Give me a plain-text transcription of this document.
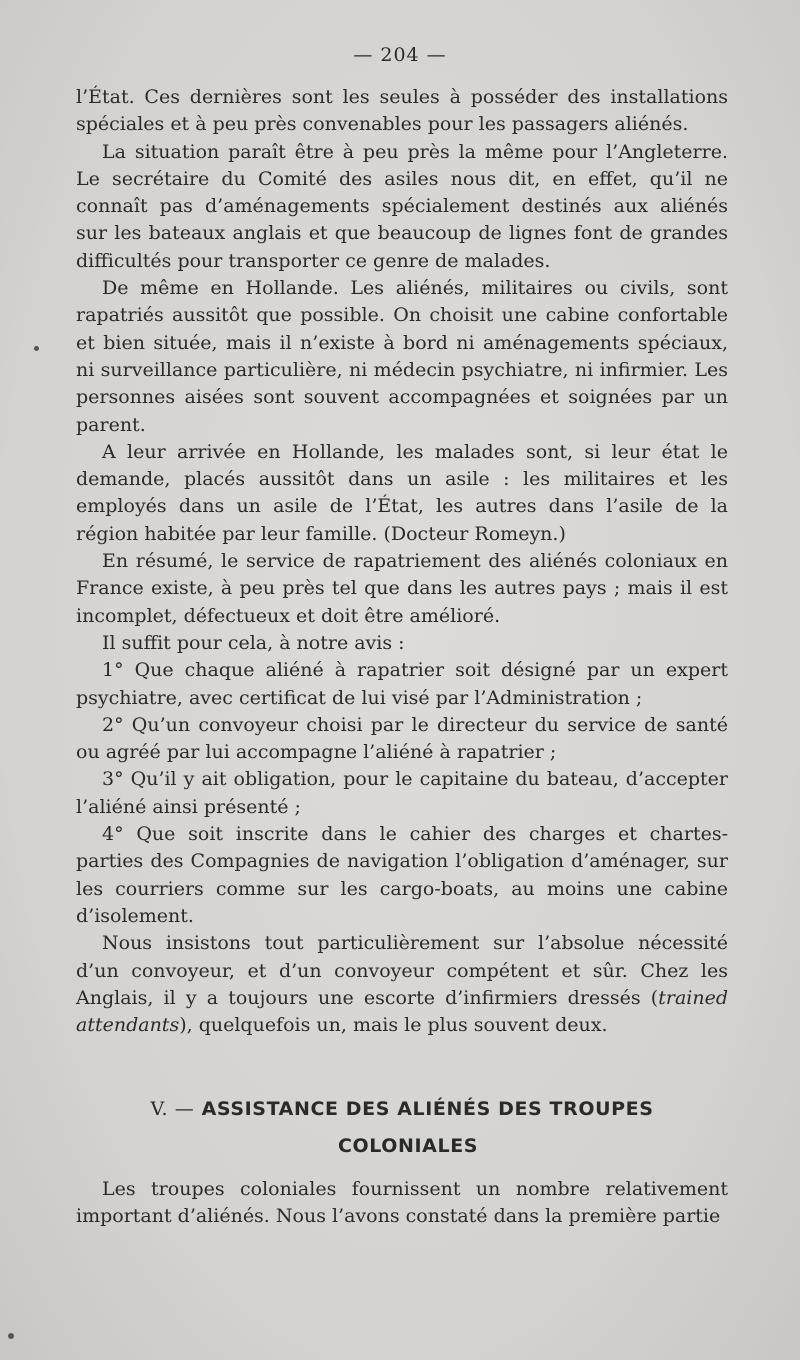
— 204 —

l’État. Ces dernières sont les seules à posséder des installations spéciales et à peu près convenables pour les passagers aliénés.

La situation paraît être à peu près la même pour l’Angleterre. Le secrétaire du Comité des asiles nous dit, en effet, qu’il ne connaît pas d’aménagements spécialement destinés aux aliénés sur les bateaux anglais et que beaucoup de lignes font de grandes difficultés pour transporter ce genre de malades.

De même en Hollande. Les aliénés, militaires ou civils, sont rapatriés aussitôt que possible. On choisit une cabine confortable et bien située, mais il n’existe à bord ni aménagements spéciaux, ni surveillance particulière, ni médecin psychiatre, ni infirmier. Les personnes aisées sont souvent accompagnées et soignées par un parent.

A leur arrivée en Hollande, les malades sont, si leur état le demande, placés aussitôt dans un asile : les militaires et les employés dans un asile de l’État, les autres dans l’asile de la région habitée par leur famille. (Docteur Romeyn.)

En résumé, le service de rapatriement des aliénés coloniaux en France existe, à peu près tel que dans les autres pays ; mais il est incomplet, défectueux et doit être amélioré.

Il suffit pour cela, à notre avis :

1° Que chaque aliéné à rapatrier soit désigné par un expert psychiatre, avec certificat de lui visé par l’Administration ;

2° Qu’un convoyeur choisi par le directeur du service de santé ou agréé par lui accompagne l’aliéné à rapatrier ;

3° Qu’il y ait obligation, pour le capitaine du bateau, d’accepter l’aliéné ainsi présenté ;

4° Que soit inscrite dans le cahier des charges et chartes-parties des Compagnies de navigation l’obligation d’aménager, sur les courriers comme sur les cargo-boats, au moins une cabine d’isolement.

Nous insistons tout particulièrement sur l’absolue nécessité d’un convoyeur, et d’un convoyeur compétent et sûr. Chez les Anglais, il y a toujours une escorte d’infirmiers dressés (trained attendants), quelquefois un, mais le plus souvent deux.

V. — ASSISTANCE DES ALIÉNÉS DES TROUPES
COLONIALES

Les troupes coloniales fournissent un nombre relativement important d’aliénés. Nous l’avons constaté dans la première partie
